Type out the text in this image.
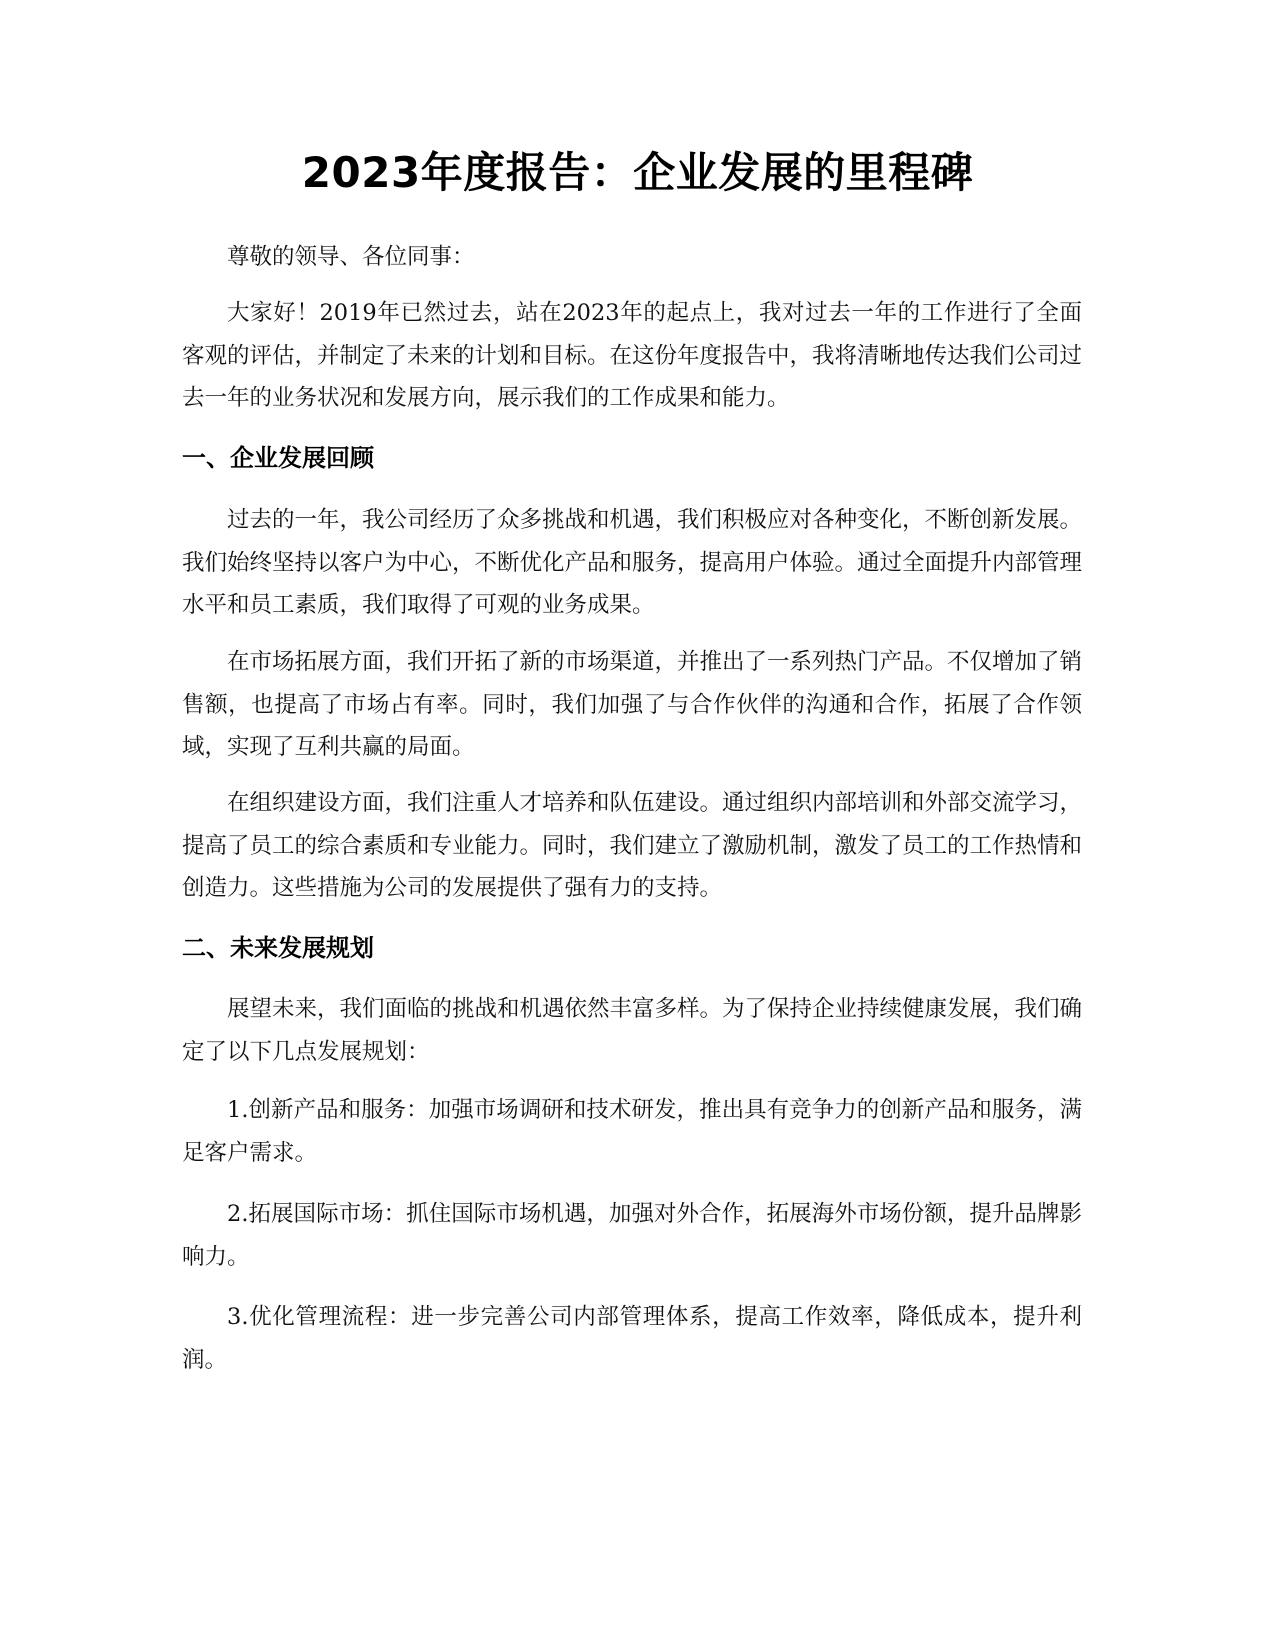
2023年度报告：企业发展的里程碑

尊敬的领导、各位同事：

大家好！2019年已然过去，站在2023年的起点上，我对过去一年的工作进行了全面客观的评估，并制定了未来的计划和目标。在这份年度报告中，我将清晰地传达我们公司过去一年的业务状况和发展方向，展示我们的工作成果和能力。

一、企业发展回顾

过去的一年，我公司经历了众多挑战和机遇，我们积极应对各种变化，不断创新发展。我们始终坚持以客户为中心，不断优化产品和服务，提高用户体验。通过全面提升内部管理水平和员工素质，我们取得了可观的业务成果。

在市场拓展方面，我们开拓了新的市场渠道，并推出了一系列热门产品。不仅增加了销售额，也提高了市场占有率。同时，我们加强了与合作伙伴的沟通和合作，拓展了合作领域，实现了互利共赢的局面。

在组织建设方面，我们注重人才培养和队伍建设。通过组织内部培训和外部交流学习，提高了员工的综合素质和专业能力。同时，我们建立了激励机制，激发了员工的工作热情和创造力。这些措施为公司的发展提供了强有力的支持。

二、未来发展规划

展望未来，我们面临的挑战和机遇依然丰富多样。为了保持企业持续健康发展，我们确定了以下几点发展规划：

1.创新产品和服务：加强市场调研和技术研发，推出具有竞争力的创新产品和服务，满足客户需求。

2.拓展国际市场：抓住国际市场机遇，加强对外合作，拓展海外市场份额，提升品牌影响力。

3.优化管理流程：进一步完善公司内部管理体系，提高工作效率，降低成本，提升利润。
